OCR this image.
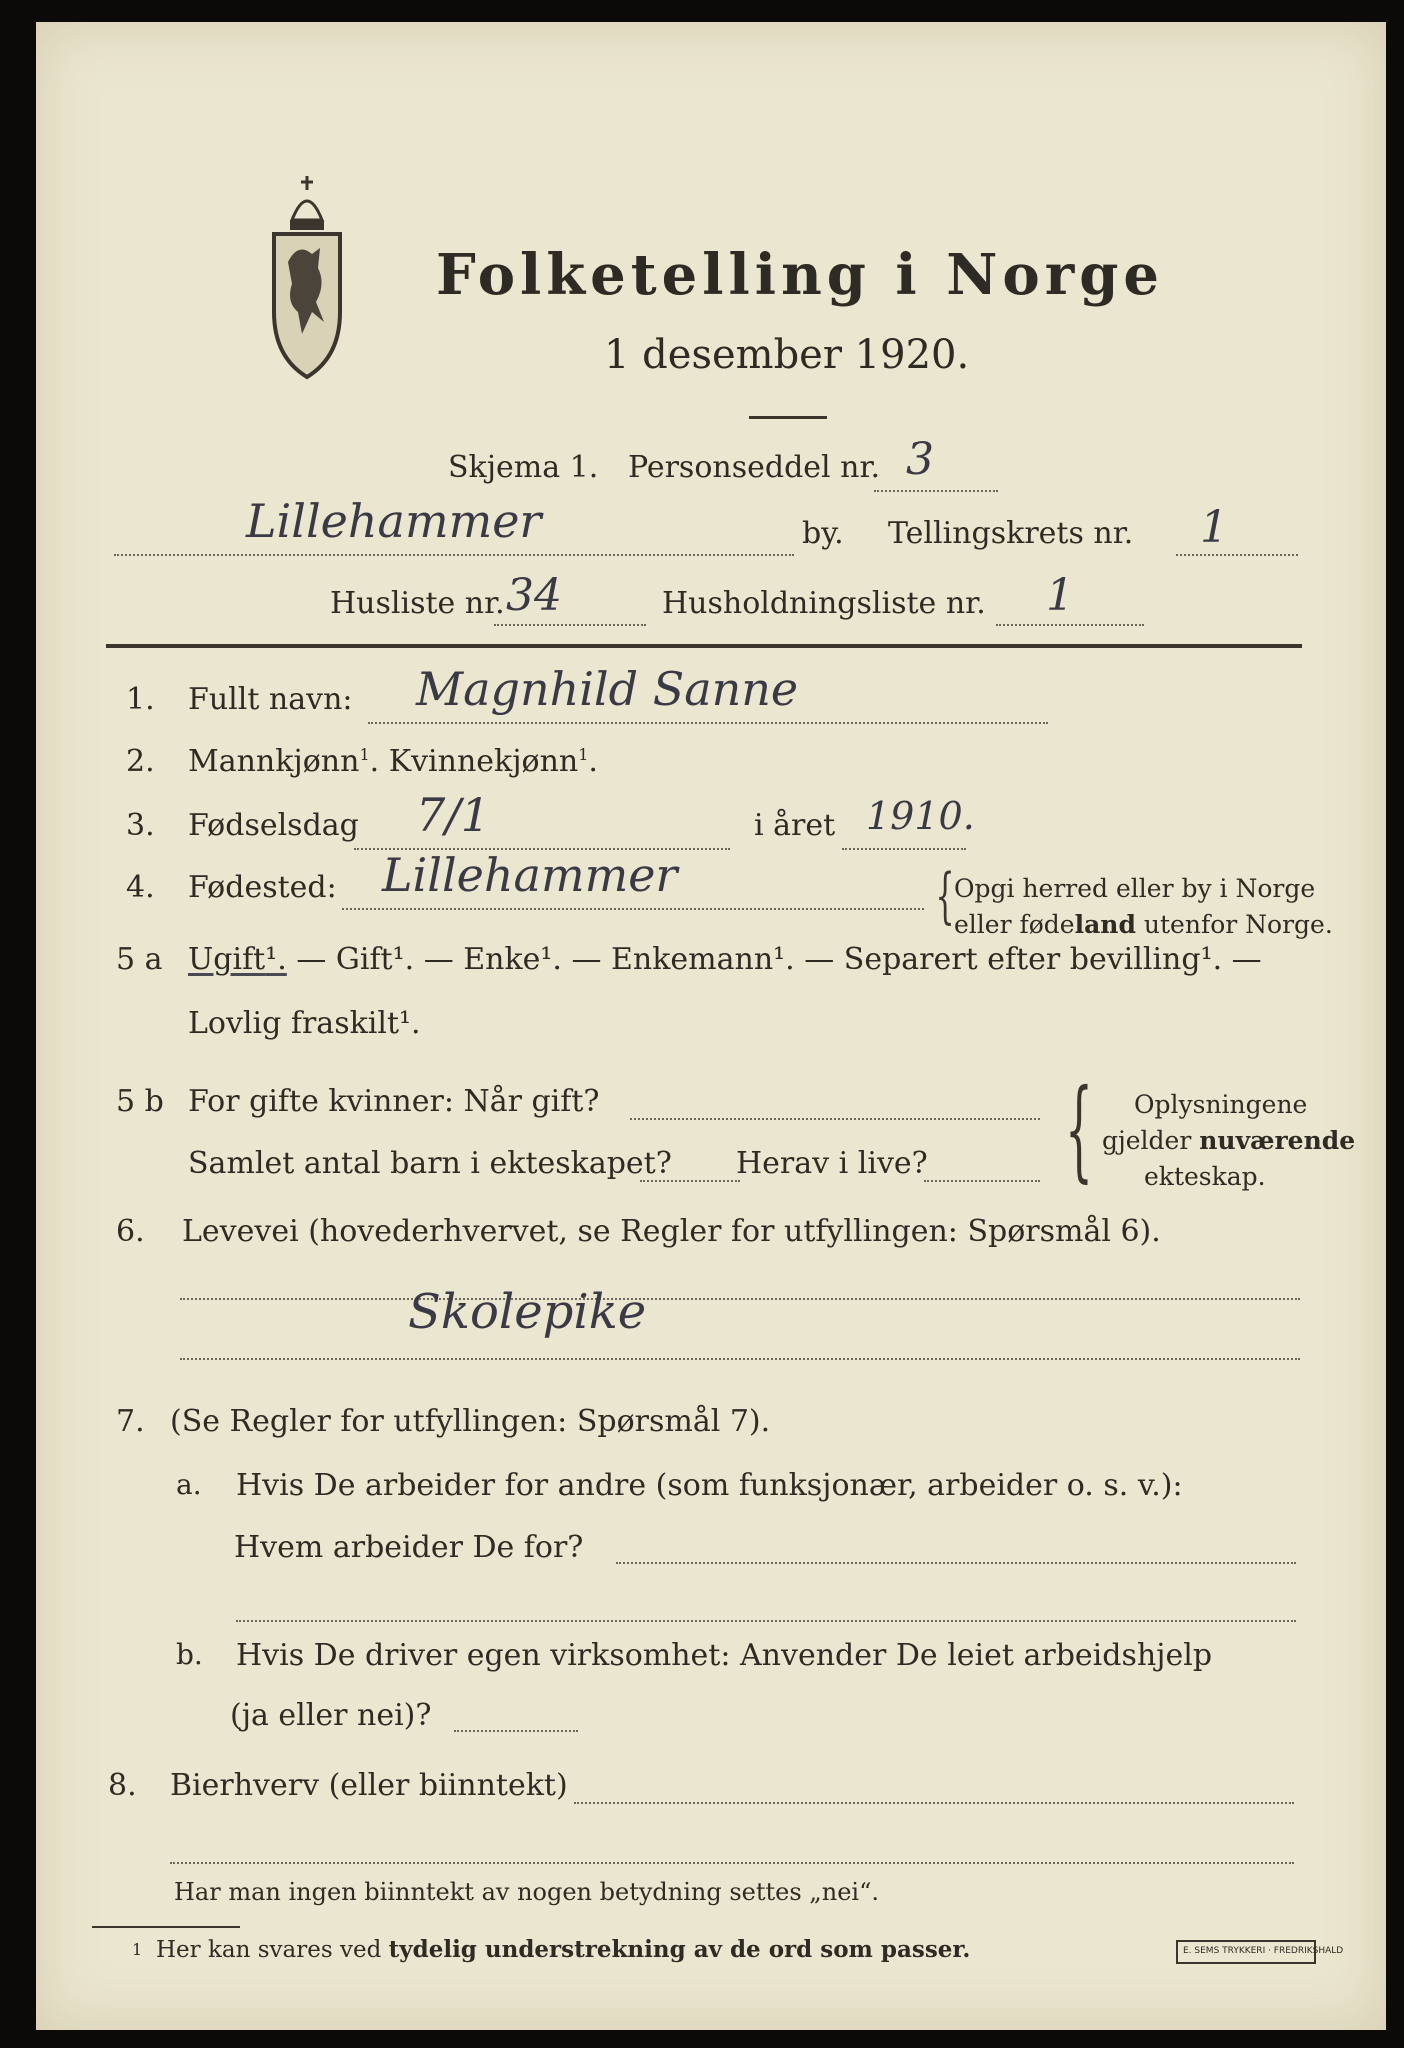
Folketelling i Norge
1 desember 1920.
Skjema 1. Personseddel nr. 3
Lillehammer	by. Tellingskrets nr. 1
Husliste nr. 34	Husholdningsliste nr. 1
1. Fullt navn: Magnhild Sanne
2. Mannkjønn$^1$. Kvinnekjønn$^1$.
3. Fødselsdag 7/1	i året 1910.
4. Fødested: Lillehammer	{ Opgi herred eller by i Norge
eller fødeland utenfor Norge.
5 a Ugift¹. — Gift¹. — Enke¹. — Enkemann¹. — Separert efter bevilling¹. —
Lovlig fraskilt¹.
5 b For gifte kvinner: Når gift?
Samlet antal barn i ekteskapet? Herav i live? { Oplysningene
gjelder nuværende
ekteskap.
6. Levevei (hovederhvervet, se Regler for utfyllingen: Spørsmål 6).
Skolepike
7. (Se Regler for utfyllingen: Spørsmål 7).
a. Hvis De arbeider for andre (som funksjonær, arbeider o. s. v.):
Hvem arbeider De for?
b. Hvis De driver egen virksomhet: Anvender De leiet arbeidshjelp
(ja eller nei)?
8. Bierhverv (eller biinntekt)
Har man ingen biinntekt av nogen betydning settes „nei“.
1 Her kan svares ved tydelig understrekning av de ord som passer.	E. SEMS TRYKKERI · FREDRIKSHALD
